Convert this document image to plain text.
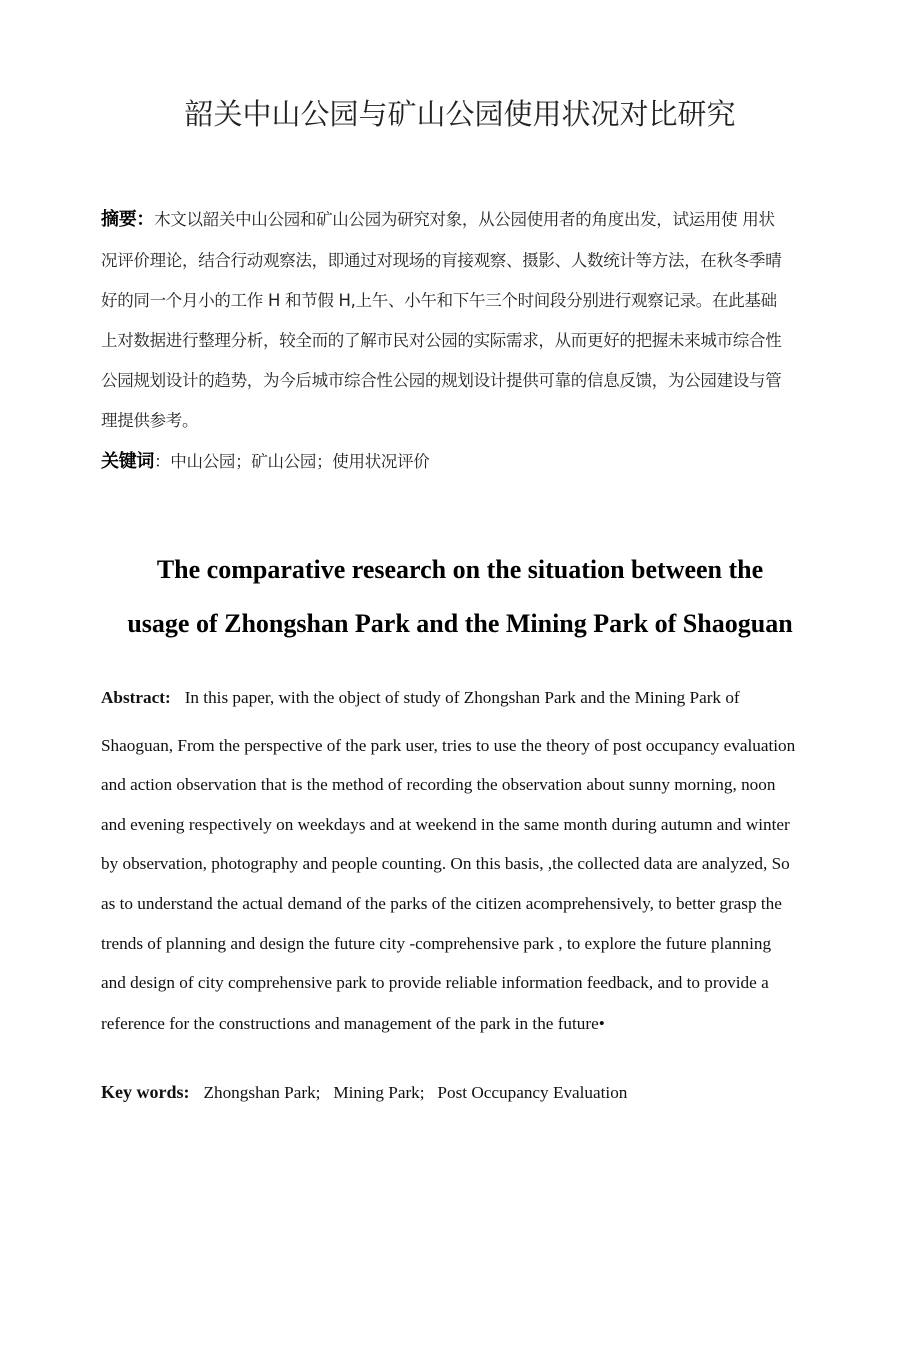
韶关中山公园与矿山公园使用状况对比研究
摘要：木文以韶关中山公园和矿山公园为研究对象，从公园使用者的角度出发，试运用使 用状
况评价理论，结合行动观察法，即通过对现场的肓接观察、摄影、人数统计等方法，在秋冬季晴
好的同一个月小的工作 H 和节假 H,上午、小午和下午三个时间段分别进行观察记录。在此基础
上对数据进行整理分析，较全而的了解市民对公园的实际需求，从而更好的把握未来城市综合性
公园规划设计的趋势，为今后城市综合性公园的规划设计提供可靠的信息反馈，为公园建设与管
理提供参考。
关键词：中山公园；矿山公园；使用状况评价
The comparative research on the situation between the
usage of Zhongshan Park and the Mining Park of Shaoguan
Abstract: In this paper, with the object of study of Zhongshan Park and the Mining Park of
Shaoguan, From the perspective of the park user, tries to use the theory of post occupancy evaluation
and action observation that is the method of recording the observation about sunny morning, noon
and evening respectively on weekdays and at weekend in the same month during autumn and winter
by observation, photography and people counting. On this basis, ,the collected data are analyzed, So
as to understand the actual demand of the parks of the citizen acomprehensively, to better grasp the
trends of planning and design the future city -comprehensive park , to explore the future planning
and design of city comprehensive park to provide reliable information feedback, and to provide a
reference for the constructions and management of the park in the future•
Key words: Zhongshan Park;   Mining Park;   Post Occupancy Evaluation
